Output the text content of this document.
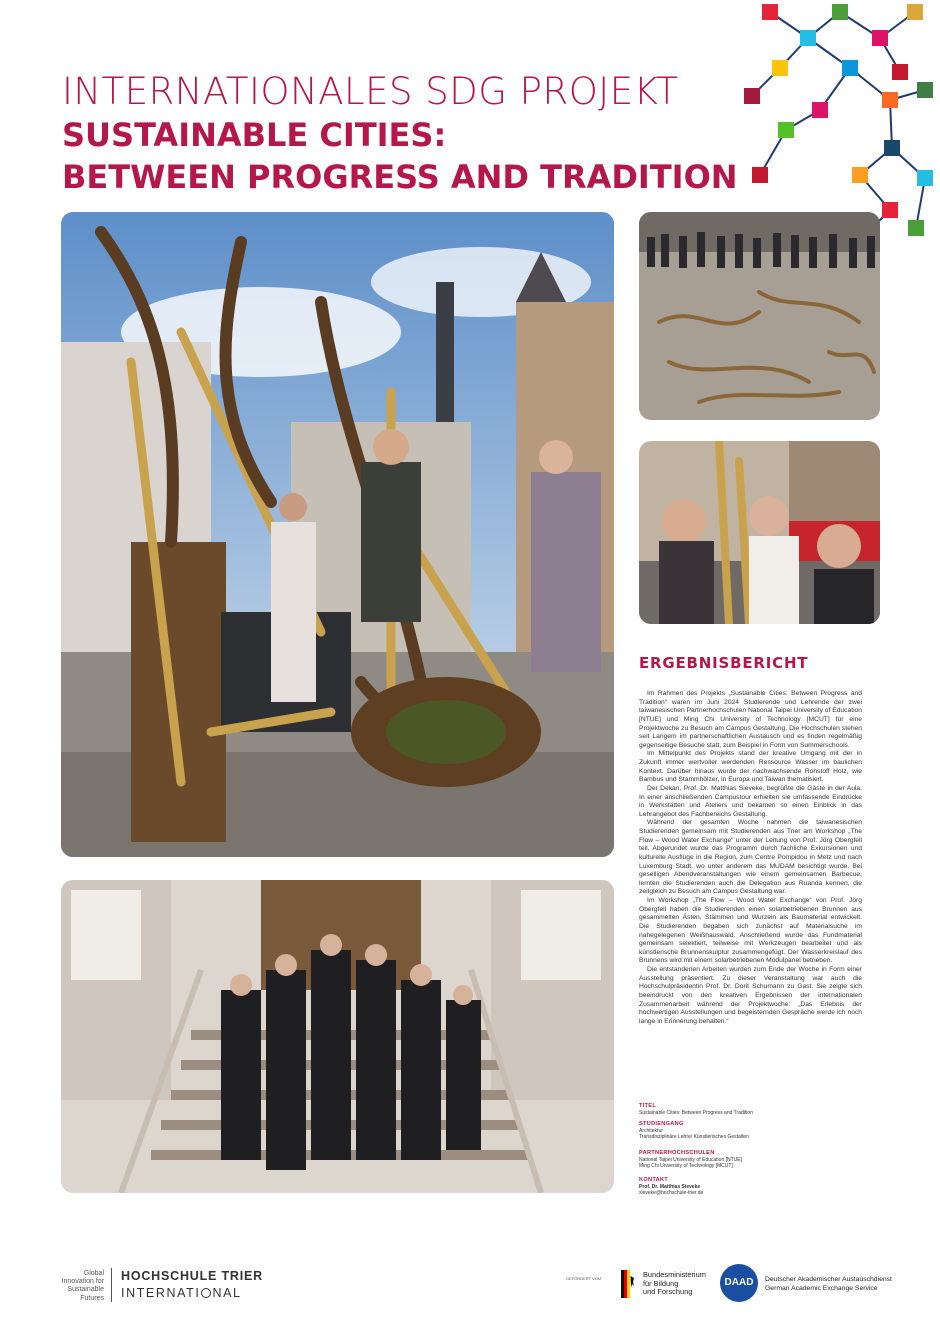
INTERNATIONALES SDG PROJEKT
SUSTAINABLE CITIES:
BETWEEN PROGRESS AND TRADITION
ERGEBNISBERICHT

Im Rahmen des Projekts „Sustainable Cities: Between Progress and Tradition“ waren im Juni 2024 Studierende und Lehrende der zwei taiwanesischen Partnerhochschulen National Taipei University of Education [NTUE] und Ming Chi University of Technology [MCUT] für eine Projektwoche zu Besuch am Campus Gestaltung. Die Hochschulen stehen seit Langem im partnerschaftlichen Austausch und es finden regelmäßig gegenseitige Besuche statt, zum Beispiel in Form von Summerschools.

Im Mittelpunkt des Projekts stand der kreative Umgang mit der in Zukunft immer wertvoller werdenden Ressource Wasser im baulichen Kontext. Darüber hinaus wurde der nachwachsende Rohstoff Holz, wie Bambus und Stammhölzer, in Europa und Taiwan thematisiert.

Der Dekan, Prof. Dr. Matthias Sieveke, begrüßte die Gäste in der Aula. In einer anschließenden Campustour erhielten sie umfassende Eindrücke in Werkstätten und Ateliers und bekamen so einen Einblick in das Lehrangebot des Fachbereichs Gestaltung.

Während der gesamten Woche nahmen die taiwanesischen Studierenden gemeinsam mit Studierenden aus Trier am Workshop „The Flow – Wood Water Exchange“ unter der Leitung von Prof. Jörg Obergfell teil. Abgerundet wurde das Programm durch fachliche Exkursionen und kulturelle Ausflüge in die Region, zum Centre Pompidou in Metz und nach Luxemburg Stadt, wo unter anderem das MUDAM besichtigt wurde. Bei geselligen Abendveranstaltungen wie einem gemeinsamen Barbecue, lernten die Studierenden auch die Delegation aus Ruanda kennen, die zeitgleich zu Besuch am Campus Gestaltung war.

Im Workshop „The Flow – Wood Water Exchange“ von Prof. Jörg Obergfell haben die Studierenden einen solarbetriebenen Brunnen aus gesammelten Ästen, Stämmen und Wurzeln als Baumaterial entwickelt. Die Studierenden begaben sich zunächst auf Materialsuche im nahegelegenen Weißhauswald. Anschließend wurde das Fundmaterial gemeinsam selektiert, teilweise mit Werkzeugen bearbeitet und als künstlerische Brunnenskulptur zusammengefügt. Der Wasserkreislauf des Brunnens wird mit einem solarbetriebenen Modulpanel betrieben.

Die entstandenen Arbeiten wurden zum Ende der Woche in Form einer Ausstellung präsentiert. Zu dieser Veranstaltung war auch die Hochschulpräsidentin Prof. Dr. Dorit Schumann zu Gast. Sie zeigte sich beeindruckt von den kreativen Ergebnissen der internationalen Zusammenarbeit während der Projektwoche: „Das Erlebnis der hochwertigen Ausstellungen und begeisternden Gespräche werde ich noch lange in Erinnerung behalten.“

TITEL
Sustainable Cities: Between Progress and Tradition
STUDIENGANG
Architektur
Transdisziplinäre Lehre/ Künstlerisches Gestalten
PARTNERHOCHSCHULEN
National Taipei University of Education [NTUE]
Ming Chi University of Technology [MCUT]
KONTAKT
Prof. Dr. Matthias Sieveke
sieveke@hochschule-trier.de
Global
Innovation for
Sustainable
Futures
HOCHSCHULE TRIER
INTERNATI NAL
GEFÖRDERT VOM	Bundesministerium
für Bildung
und Forschung
DAAD	Deutscher Akademischer Austauschdienst
German Academic Exchange Service
